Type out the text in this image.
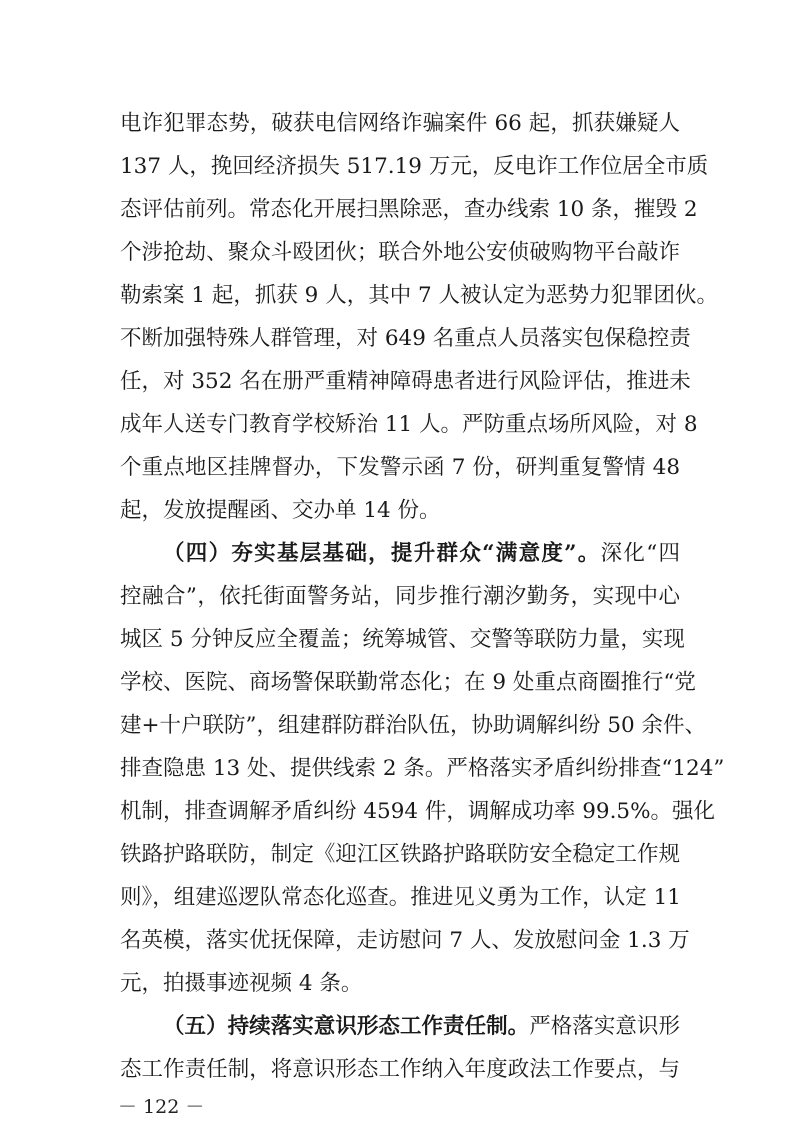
电诈犯罪态势，破获电信网络诈骗案件 66 起，抓获嫌疑人
137 人，挽回经济损失 517.19 万元，反电诈工作位居全市质
态评估前列。常态化开展扫黑除恶，查办线索 10 条，摧毁 2
个涉抢劫、聚众斗殴团伙；联合外地公安侦破购物平台敲诈
勒索案 1 起，抓获 9 人，其中 7 人被认定为恶势力犯罪团伙。
不断加强特殊人群管理，对 649 名重点人员落实包保稳控责
任，对 352 名在册严重精神障碍患者进行风险评估，推进未
成年人送专门教育学校矫治 11 人。严防重点场所风险，对 8
个重点地区挂牌督办，下发警示函 7 份，研判重复警情 48
起，发放提醒函、交办单 14 份。
（四）夯实基层基础，提升群众“满意度”。深化“四
控融合”，依托街面警务站，同步推行潮汐勤务，实现中心
城区 5 分钟反应全覆盖；统筹城管、交警等联防力量，实现
学校、医院、商场警保联勤常态化；在 9 处重点商圈推行“党
建+十户联防”，组建群防群治队伍，协助调解纠纷 50 余件、
排查隐患 13 处、提供线索 2 条。严格落实矛盾纠纷排查“124”
机制，排查调解矛盾纠纷 4594 件，调解成功率 99.5%。强化
铁路护路联防，制定《迎江区铁路护路联防安全稳定工作规
则》，组建巡逻队常态化巡查。推进见义勇为工作，认定 11
名英模，落实优抚保障，走访慰问 7 人、发放慰问金 1.3 万
元，拍摄事迹视频 4 条。
（五）持续落实意识形态工作责任制。严格落实意识形
态工作责任制，将意识形态工作纳入年度政法工作要点，与
－ 122 －
